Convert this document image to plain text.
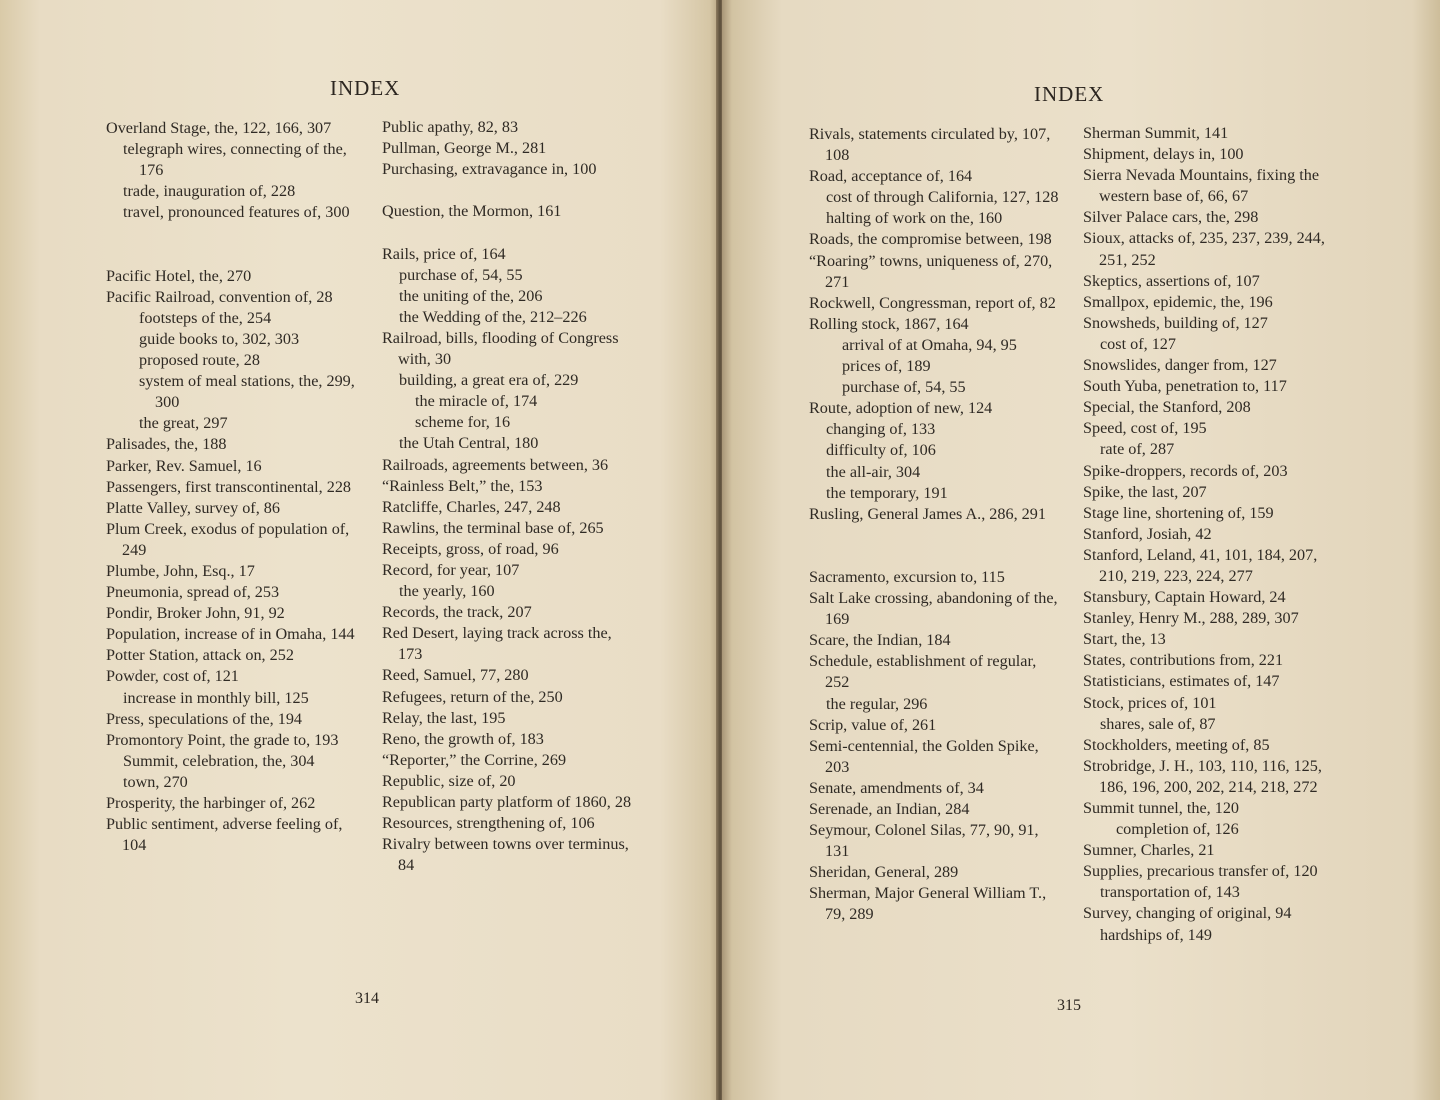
INDEX

Overland Stage, the, 122, 166, 307

telegraph wires, connecting of the, 176

trade, inauguration of, 228

travel, pronounced features of, 300

Pacific Hotel, the, 270

Pacific Railroad, convention of, 28

footsteps of the, 254

guide books to, 302, 303

proposed route, 28

system of meal stations, the, 299, 300

the great, 297

Palisades, the, 188

Parker, Rev. Samuel, 16

Passengers, first transcontinental, 228

Platte Valley, survey of, 86

Plum Creek, exodus of population of, 249

Plumbe, John, Esq., 17

Pneumonia, spread of, 253

Pondir, Broker John, 91, 92

Population, increase of in Omaha, 144

Potter Station, attack on, 252

Powder, cost of, 121

increase in monthly bill, 125

Press, speculations of the, 194

Promontory Point, the grade to, 193

Summit, celebration, the, 304

town, 270

Prosperity, the harbinger of, 262

Public sentiment, adverse feeling of, 104

Public apathy, 82, 83

Pullman, George M., 281

Purchasing, extravagance in, 100

Question, the Mormon, 161

Rails, price of, 164

purchase of, 54, 55

the uniting of the, 206

the Wedding of the, 212–226

Railroad, bills, flooding of Congress with, 30

building, a great era of, 229

the miracle of, 174

scheme for, 16

the Utah Central, 180

Railroads, agreements between, 36

“Rainless Belt,” the, 153

Ratcliffe, Charles, 247, 248

Rawlins, the terminal base of, 265

Receipts, gross, of road, 96

Record, for year, 107

the yearly, 160

Records, the track, 207

Red Desert, laying track across the, 173

Reed, Samuel, 77, 280

Refugees, return of the, 250

Relay, the last, 195

Reno, the growth of, 183

“Reporter,” the Corrine, 269

Republic, size of, 20

Republican party platform of 1860, 28

Resources, strengthening of, 106

Rivalry between towns over terminus, 84

314
INDEX

Rivals, statements circulated by, 107, 108

Road, acceptance of, 164

cost of through California, 127, 128

halting of work on the, 160

Roads, the compromise between, 198

“Roaring” towns, uniqueness of, 270, 271

Rockwell, Congressman, report of, 82

Rolling stock, 1867, 164

arrival of at Omaha, 94, 95

prices of, 189

purchase of, 54, 55

Route, adoption of new, 124

changing of, 133

difficulty of, 106

the all-air, 304

the temporary, 191

Rusling, General James A., 286, 291

Sacramento, excursion to, 115

Salt Lake crossing, abandoning of the, 169

Scare, the Indian, 184

Schedule, establishment of regular, 252

the regular, 296

Scrip, value of, 261

Semi-centennial, the Golden Spike, 203

Senate, amendments of, 34

Serenade, an Indian, 284

Seymour, Colonel Silas, 77, 90, 91, 131

Sheridan, General, 289

Sherman, Major General William T., 79, 289

Sherman Summit, 141

Shipment, delays in, 100

Sierra Nevada Mountains, fixing the western base of, 66, 67

Silver Palace cars, the, 298

Sioux, attacks of, 235, 237, 239, 244, 251, 252

Skeptics, assertions of, 107

Smallpox, epidemic, the, 196

Snowsheds, building of, 127

cost of, 127

Snowslides, danger from, 127

South Yuba, penetration to, 117

Special, the Stanford, 208

Speed, cost of, 195

rate of, 287

Spike-droppers, records of, 203

Spike, the last, 207

Stage line, shortening of, 159

Stanford, Josiah, 42

Stanford, Leland, 41, 101, 184, 207, 210, 219, 223, 224, 277

Stansbury, Captain Howard, 24

Stanley, Henry M., 288, 289, 307

Start, the, 13

States, contributions from, 221

Statisticians, estimates of, 147

Stock, prices of, 101

shares, sale of, 87

Stockholders, meeting of, 85

Strobridge, J. H., 103, 110, 116, 125, 186, 196, 200, 202, 214, 218, 272

Summit tunnel, the, 120

completion of, 126

Sumner, Charles, 21

Supplies, precarious transfer of, 120

transportation of, 143

Survey, changing of original, 94

hardships of, 149

315
